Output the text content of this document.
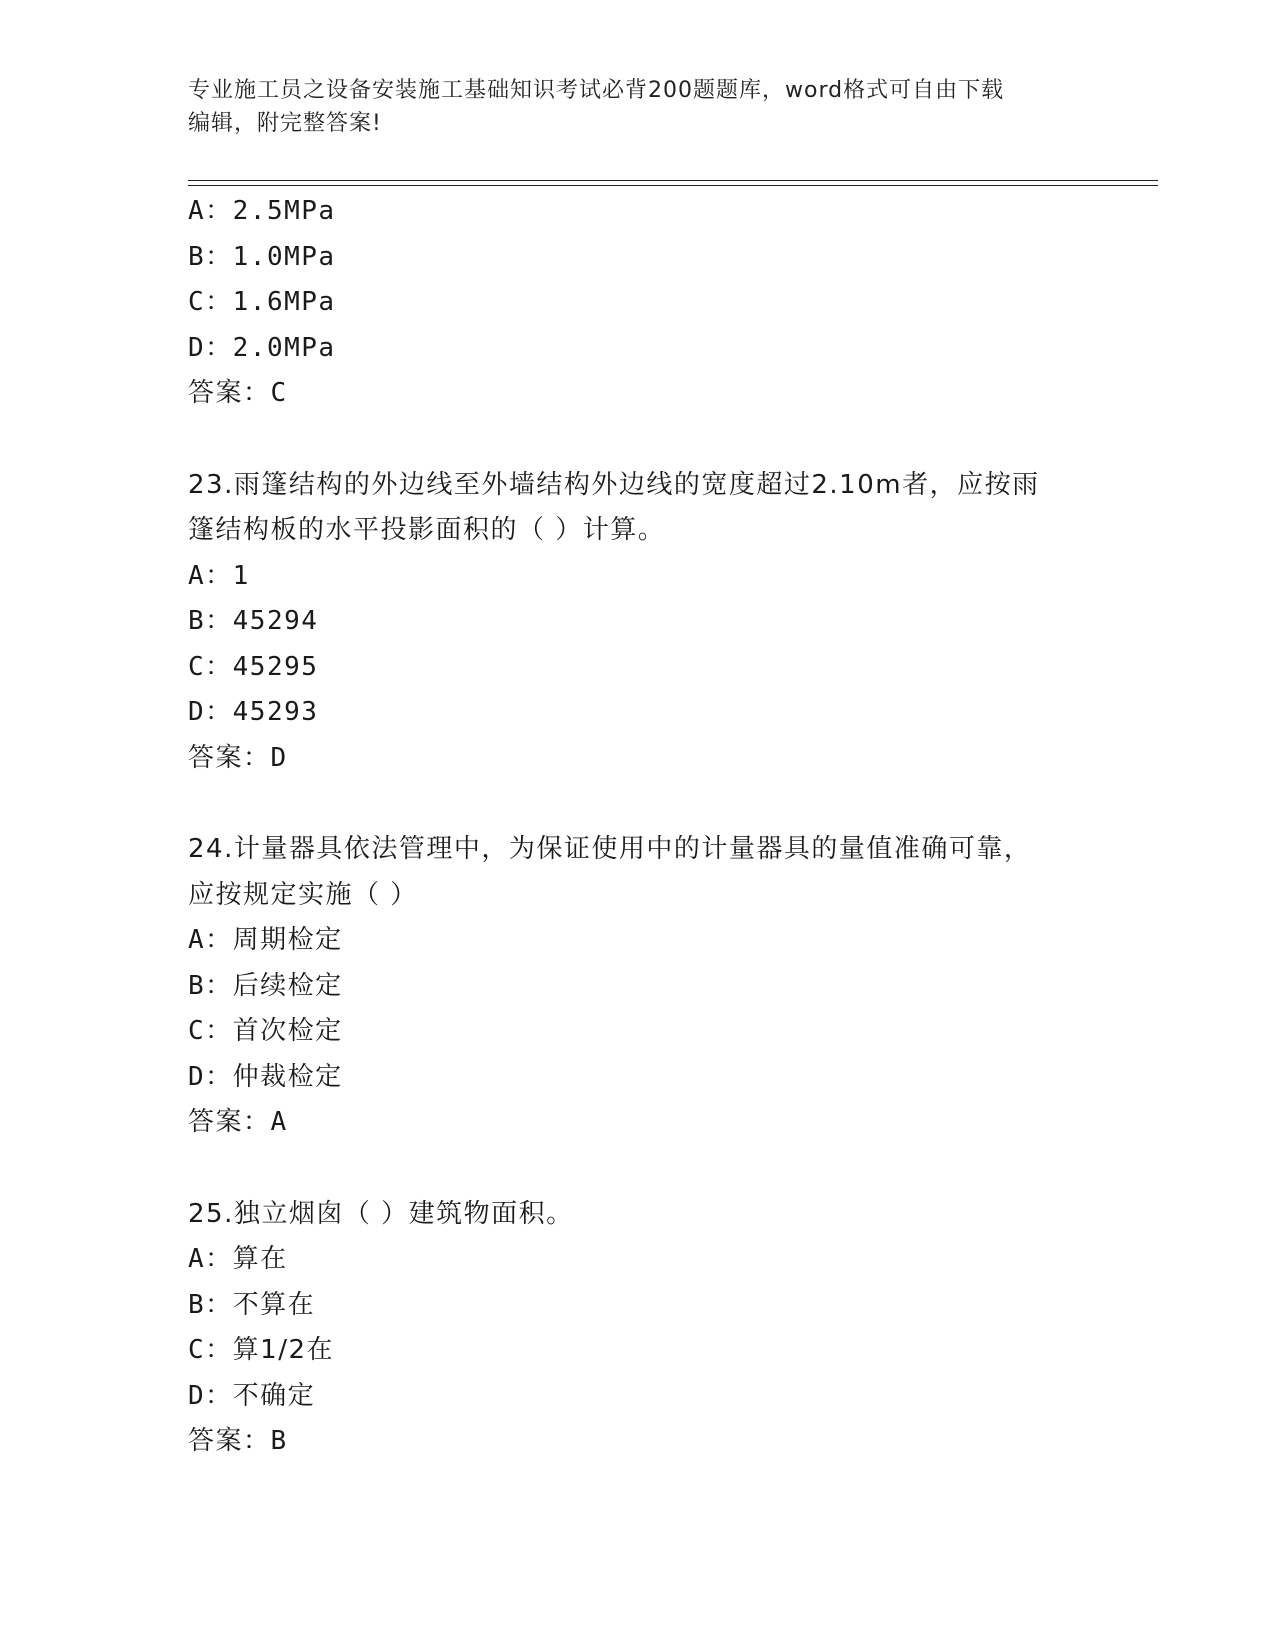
专业施工员之设备安装施工基础知识考试必背200题题库，word格式可自由下载
编辑，附完整答案!
A：2.5MPa
B：1.0MPa
C：1.6MPa
D：2.0MPa
答案：C
23.雨篷结构的外边线至外墙结构外边线的宽度超过2.10m者，应按雨
篷结构板的水平投影面积的（ ）计算。
A：1
B：45294
C：45295
D：45293
答案：D
24.计量器具依法管理中，为保证使用中的计量器具的量值准确可靠，
应按规定实施（ ）
A：周期检定
B：后续检定
C：首次检定
D：仲裁检定
答案：A
25.独立烟囱（ ）建筑物面积。
A：算在
B：不算在
C：算1/2在
D：不确定
答案：B
